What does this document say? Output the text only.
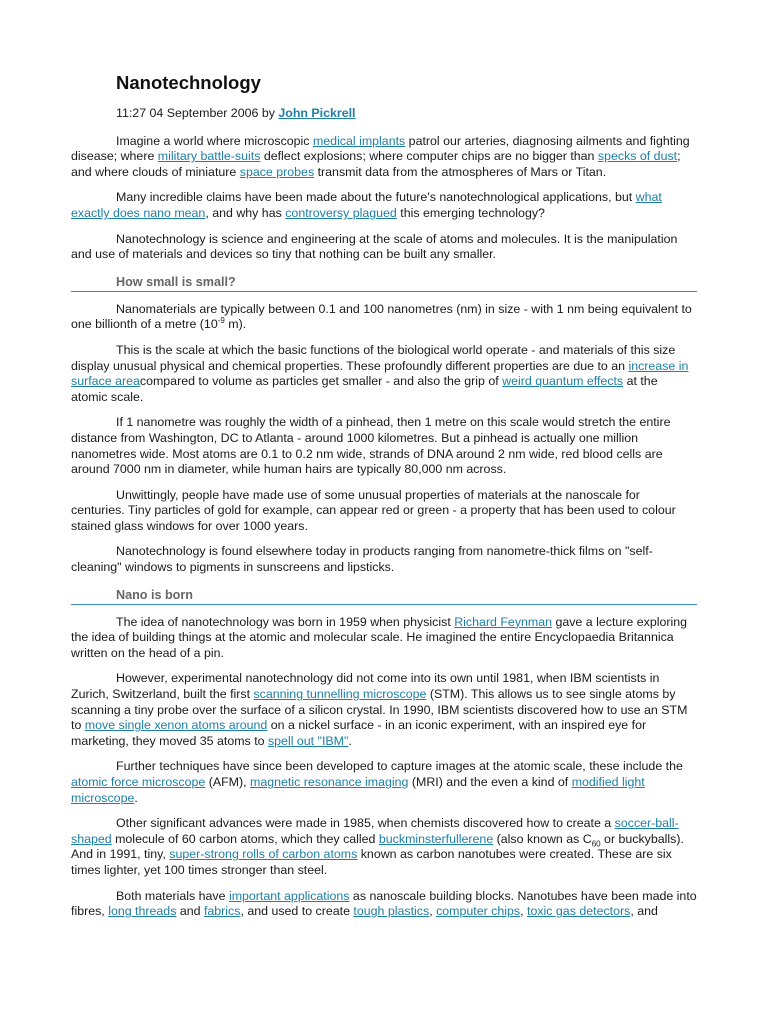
Nanotechnology
11:27 04 September 2006 by John Pickrell

Imagine a world where microscopic medical implants patrol our arteries, diagnosing ailments and fighting disease; where military battle-suits deflect explosions; where computer chips are no bigger than specks of dust; and where clouds of miniature space probes transmit data from the atmospheres of Mars or Titan.

Many incredible claims have been made about the future's nanotechnological applications, but what exactly does nano mean, and why has controversy plagued this emerging technology?

Nanotechnology is science and engineering at the scale of atoms and molecules. It is the manipulation and use of materials and devices so tiny that nothing can be built any smaller.

How small is small?

Nanomaterials are typically between 0.1 and 100 nanometres (nm) in size - with 1 nm being equivalent to one billionth of a metre ($10^{-9}$ m).

This is the scale at which the basic functions of the biological world operate - and materials of this size display unusual physical and chemical properties. These profoundly different properties are due to an increase in surface areacompared to volume as particles get smaller - and also the grip of weird quantum effects at the atomic scale.

If 1 nanometre was roughly the width of a pinhead, then 1 metre on this scale would stretch the entire distance from Washington, DC to Atlanta - around 1000 kilometres. But a pinhead is actually one million nanometres wide. Most atoms are 0.1 to 0.2 nm wide, strands of DNA around 2 nm wide, red blood cells are around 7000 nm in diameter, while human hairs are typically 80,000 nm across.

Unwittingly, people have made use of some unusual properties of materials at the nanoscale for centuries. Tiny particles of gold for example, can appear red or green - a property that has been used to colour stained glass windows for over 1000 years.

Nanotechnology is found elsewhere today in products ranging from nanometre-thick films on "self-cleaning" windows to pigments in sunscreens and lipsticks.

Nano is born

The idea of nanotechnology was born in 1959 when physicist Richard Feynman gave a lecture exploring the idea of building things at the atomic and molecular scale. He imagined the entire Encyclopaedia Britannica written on the head of a pin.

However, experimental nanotechnology did not come into its own until 1981, when IBM scientists in Zurich, Switzerland, built the first scanning tunnelling microscope (STM). This allows us to see single atoms by scanning a tiny probe over the surface of a silicon crystal. In 1990, IBM scientists discovered how to use an STM to move single xenon atoms around on a nickel surface - in an iconic experiment, with an inspired eye for marketing, they moved 35 atoms to spell out "IBM".

Further techniques have since been developed to capture images at the atomic scale, these include the atomic force microscope (AFM), magnetic resonance imaging (MRI) and the even a kind of modified light microscope.

Other significant advances were made in 1985, when chemists discovered how to create a soccer-ball-shaped molecule of 60 carbon atoms, which they called buckminsterfullerene (also known as $C_{60}$ or buckyballs). And in 1991, tiny, super-strong rolls of carbon atoms known as carbon nanotubes were created. These are six times lighter, yet 100 times stronger than steel.

Both materials have important applications as nanoscale building blocks. Nanotubes have been made into fibres, long threads and fabrics, and used to create tough plastics, computer chips, toxic gas detectors, and
